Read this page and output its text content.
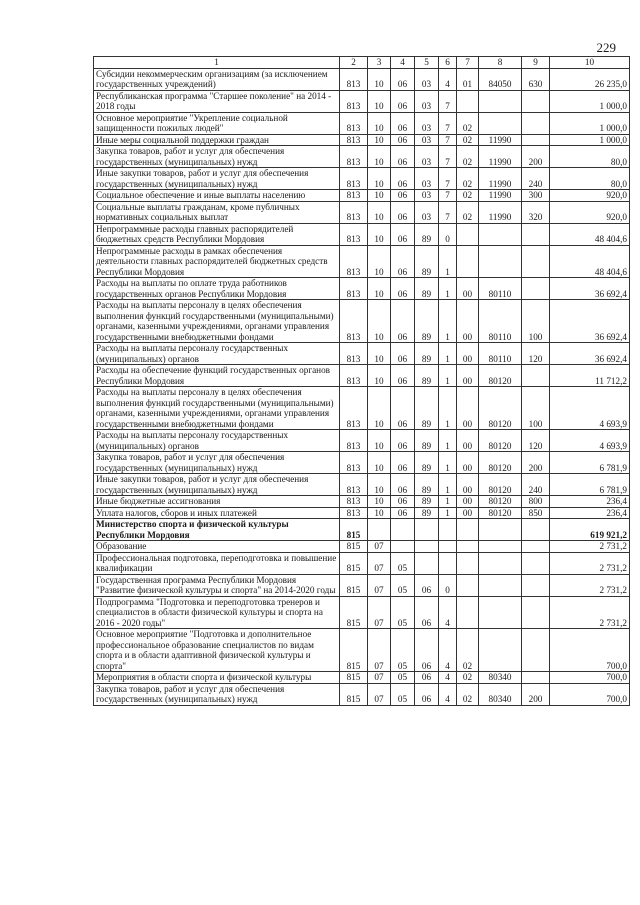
229
1	2	3	4	5	6	7	8	9	10
Субсидии некоммерческим организациям (за исключением государственных учреждений)	813	10	06	03	4	01	84050	630	26 235,0
Республиканская программа "Старшее поколение" на 2014 - 2018 годы	813	10	06	03	7				1 000,0
Основное мероприятие "Укрепление социальной защищенности пожилых людей"	813	10	06	03	7	02			1 000,0
Иные меры социальной поддержки граждан	813	10	06	03	7	02	11990		1 000,0
Закупка товаров, работ и услуг для обеспечения государственных (муниципальных) нужд	813	10	06	03	7	02	11990	200	80,0
Иные закупки товаров, работ и услуг для обеспечения государственных (муниципальных) нужд	813	10	06	03	7	02	11990	240	80,0
Социальное обеспечение и иные выплаты населению	813	10	06	03	7	02	11990	300	920,0
Социальные выплаты гражданам, кроме публичных нормативных социальных выплат	813	10	06	03	7	02	11990	320	920,0
Непрограммные расходы главных распорядителей бюджетных средств Республики Мордовия	813	10	06	89	0				48 404,6
Непрограммные расходы в рамках обеспечения деятельности главных распорядителей бюджетных средств Республики Мордовия	813	10	06	89	1				48 404,6
Расходы на выплаты по оплате труда работников государственных органов Республики Мордовия	813	10	06	89	1	00	80110		36 692,4
Расходы на выплаты персоналу в целях обеспечения выполнения функций государственными (муниципальными) органами, казенными учреждениями, органами управления государственными внебюджетными фондами	813	10	06	89	1	00	80110	100	36 692,4
Расходы на выплаты персоналу государственных (муниципальных) органов	813	10	06	89	1	00	80110	120	36 692,4
Расходы на обеспечение функций государственных органов Республики Мордовия	813	10	06	89	1	00	80120		11 712,2
Расходы на выплаты персоналу в целях обеспечения выполнения функций государственными (муниципальными) органами, казенными учреждениями, органами управления государственными внебюджетными фондами	813	10	06	89	1	00	80120	100	4 693,9
Расходы на выплаты персоналу государственных (муниципальных) органов	813	10	06	89	1	00	80120	120	4 693,9
Закупка товаров, работ и услуг для обеспечения государственных (муниципальных) нужд	813	10	06	89	1	00	80120	200	6 781,9
Иные закупки товаров, работ и услуг для обеспечения государственных (муниципальных) нужд	813	10	06	89	1	00	80120	240	6 781,9
Иные бюджетные ассигнования	813	10	06	89	1	00	80120	800	236,4
Уплата налогов, сборов и иных платежей	813	10	06	89	1	00	80120	850	236,4
Министерство спорта и физической культуры Республики Мордовия	815								619 921,2
Образование	815	07							2 731,2
Профессиональная подготовка, переподготовка и повышение квалификации	815	07	05						2 731,2
Государственная программа Республики Мордовия "Развитие физической культуры и спорта" на 2014-2020 годы	815	07	05	06	0				2 731,2
Подпрограмма "Подготовка и переподготовка тренеров и специалистов в области физической культуры и спорта на 2016 - 2020 годы"	815	07	05	06	4				2 731,2
Основное мероприятие "Подготовка и дополнительное профессиональное образование специалистов по видам спорта и в области адаптивной физической культуры и спорта"	815	07	05	06	4	02			700,0
Мероприятия в области спорта и физической культуры	815	07	05	06	4	02	80340		700,0
Закупка товаров, работ и услуг для обеспечения государственных (муниципальных) нужд	815	07	05	06	4	02	80340	200	700,0
